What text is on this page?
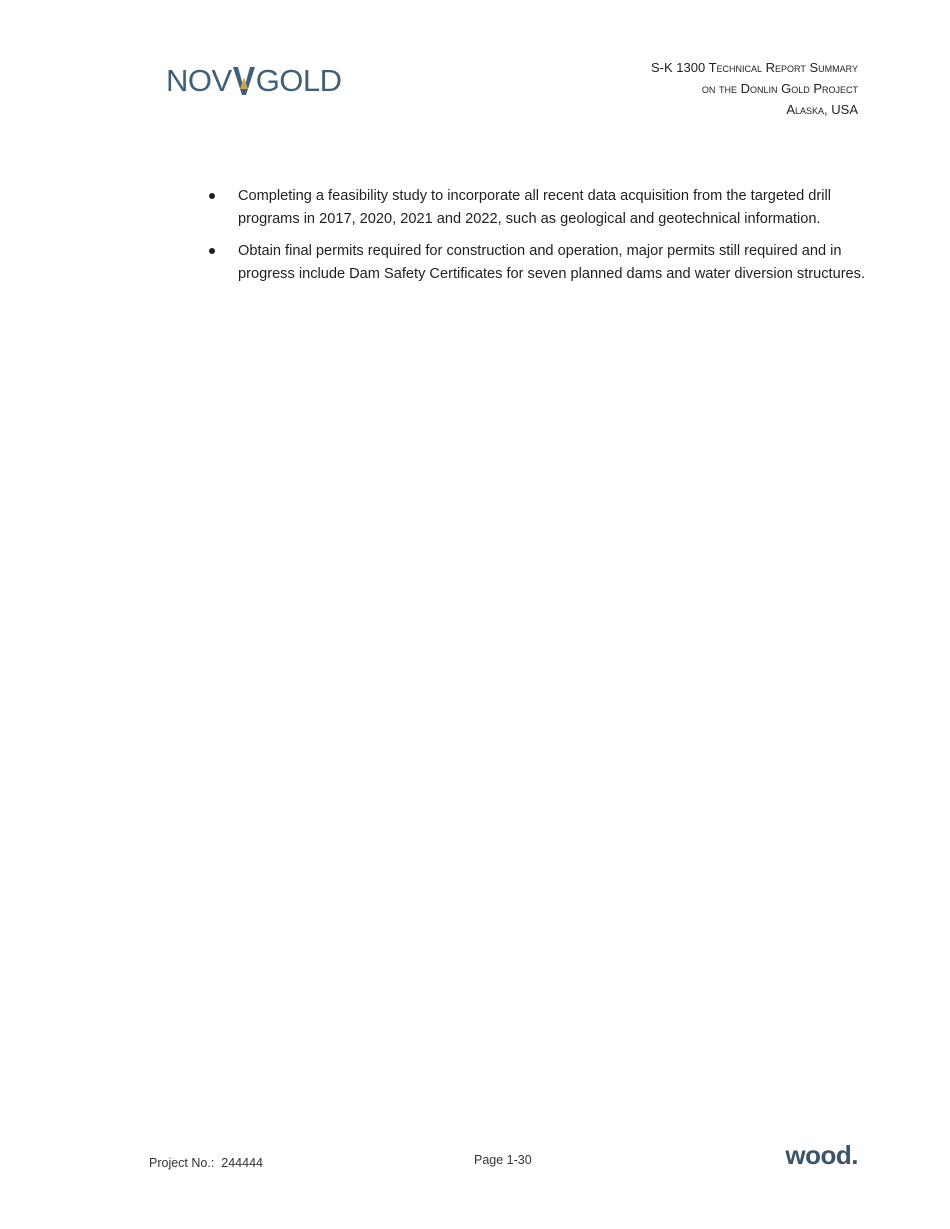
NOV GOLD	S-K 1300 Technical Report Summary
on the Donlin Gold Project
Alaska, USA
Completing a feasibility study to incorporate all recent data acquisition from the targeted drill programs in 2017, 2020, 2021 and 2022, such as geological and geotechnical information.
Obtain final permits required for construction and operation, major permits still required and in progress include Dam Safety Certificates for seven planned dams and water diversion structures.
Project No.: 244444	Page 1-30	wood.
